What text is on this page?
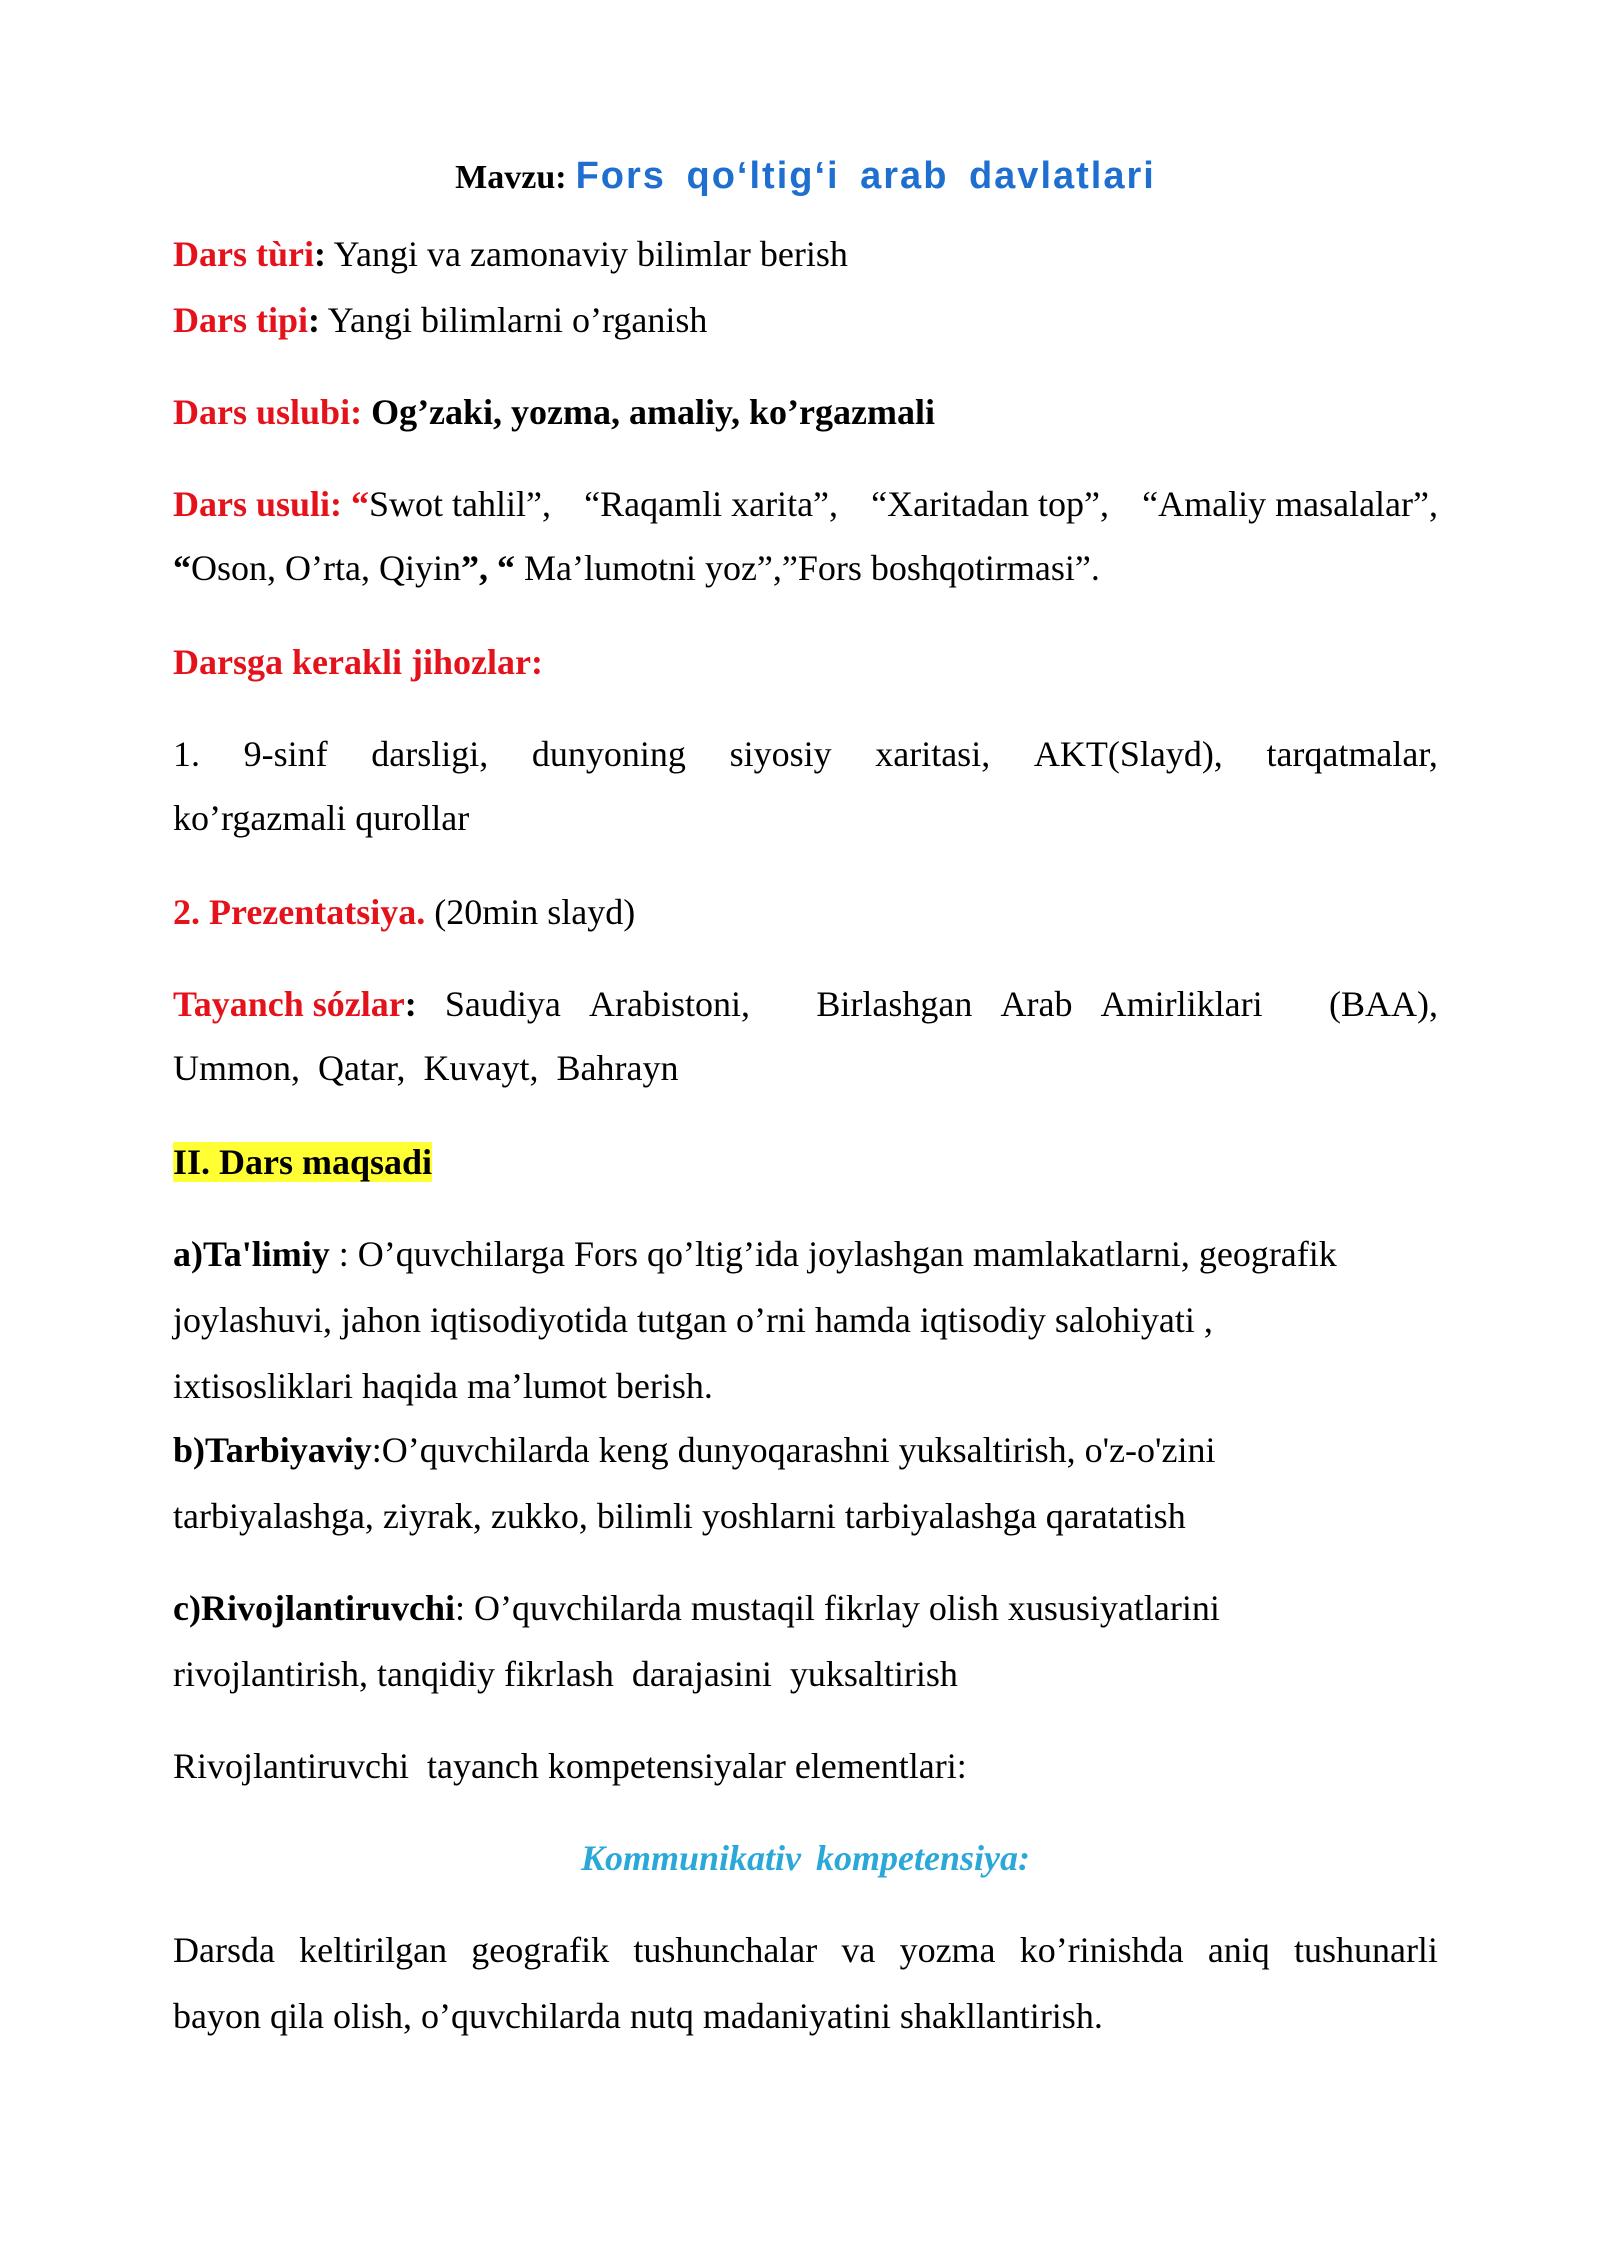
Mavzu: Fors qo‘ltig‘i arab davlatlari
Dars tùri: Yangi va zamonaviy bilimlar berish
Dars tipi: Yangi bilimlarni o’rganish
Dars uslubi: Og’zaki, yozma, amaliy, ko’rgazmali
Dars usuli: “Swot tahlil”, “Raqamli xarita”, “Xaritadan top”, “Amaliy masalalar”,
“Oson, O’rta, Qiyin”, “ Ma’lumotni yoz”,”Fors boshqotirmasi”.
Darsga kerakli jihozlar:
1. 9-sinf darsligi, dunyoning siyosiy xaritasi, AKT(Slayd), tarqatmalar,
ko’rgazmali qurollar
2. Prezentatsiya. (20min slayd)
Tayanch sózlar: Saudiya Arabistoni, Birlashgan Arab Amirliklari (BAA),
Ummon,  Qatar,  Kuvayt,  Bahrayn
II. Dars maqsadi
a)Ta'limiy : O’quvchilarga Fors qo’ltig’ida joylashgan mamlakatlarni, geografik
joylashuvi, jahon iqtisodiyotida tutgan o’rni hamda iqtisodiy salohiyati ,
ixtisosliklari haqida ma’lumot berish.
b)Tarbiyaviy:O’quvchilarda keng dunyoqarashni yuksaltirish, o'z-o'zini
tarbiyalashga, ziyrak, zukko, bilimli yoshlarni tarbiyalashga qaratatish
c)Rivojlantiruvchi: O’quvchilarda mustaqil fikrlay olish xususiyatlarini
rivojlantirish, tanqidiy fikrlash  darajasini  yuksaltirish
Rivojlantiruvchi  tayanch kompetensiyalar elementlari:
Kommunikativ kompetensiya:
Darsda keltirilgan geografik tushunchalar va yozma ko’rinishda aniq tushunarli
bayon qila olish, o’quvchilarda nutq madaniyatini shakllantirish.
